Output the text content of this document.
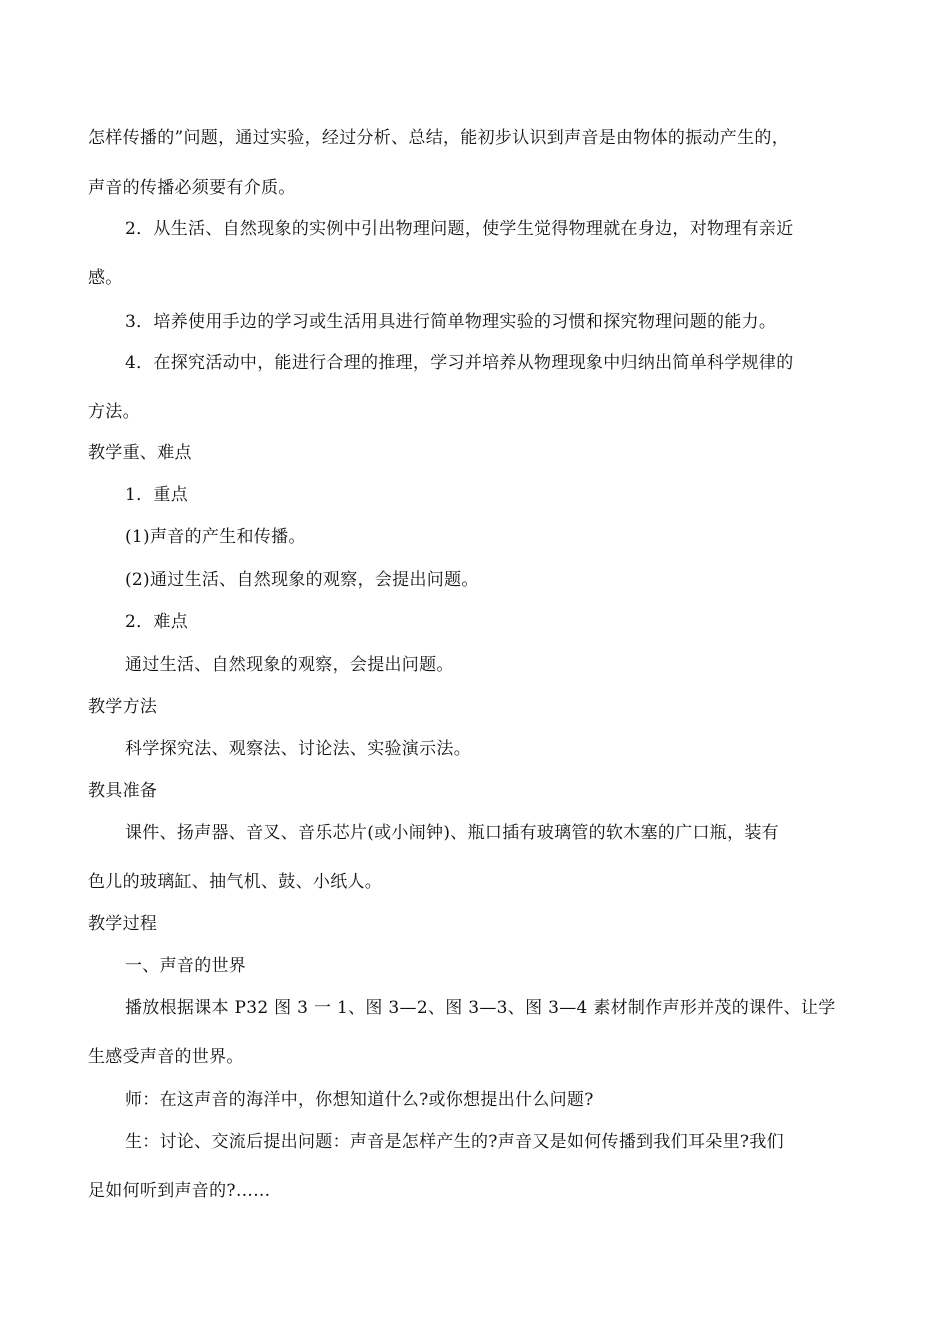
怎样传播的”问题，通过实验，经过分析、总结，能初步认识到声音是由物体的振动产生的，
声音的传播必须要有介质。
2．从生活、自然现象的实例中引出物理问题，使学生觉得物理就在身边，对物理有亲近
感。
3．培养使用手边的学习或生活用具进行简单物理实验的习惯和探究物理问题的能力。
4．在探究活动中，能进行合理的推理，学习并培养从物理现象中归纳出简单科学规律的
方法。
教学重、难点
1．重点
(1)声音的产生和传播。
(2)通过生活、自然现象的观察，会提出问题。
2．难点
通过生活、自然现象的观察，会提出问题。
教学方法
科学探究法、观察法、讨论法、实验演示法。
教具准备
课件、扬声器、音叉、音乐芯片(或小闹钟)、瓶口插有玻璃管的软木塞的广口瓶，装有
色儿的玻璃缸、抽气机、鼓、小纸人。
教学过程
一、声音的世界
播放根据课本 P32 图 3 一 1、图 3—2、图 3—3、图 3—4 素材制作声形并茂的课件、让学
生感受声音的世界。
师：在这声音的海洋中，你想知道什么?或你想提出什么问题?
生：讨论、交流后提出问题：声音是怎样产生的?声音又是如何传播到我们耳朵里?我们
足如何听到声音的?……
